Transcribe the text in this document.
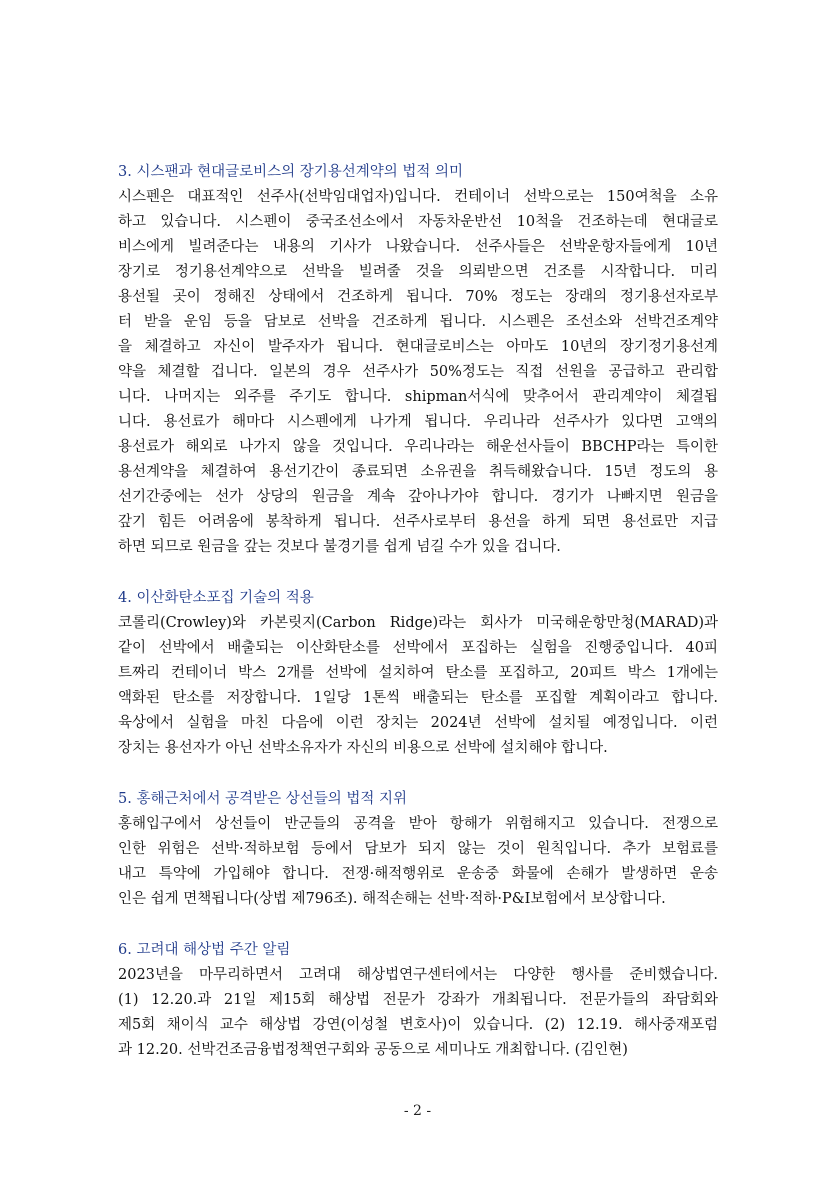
3. 시스팬과 현대글로비스의 장기용선계약의 법적 의미
시스펜은 대표적인 선주사(선박임대업자)입니다. 컨테이너 선박으로는 150여척을 소유
하고 있습니다. 시스펜이 중국조선소에서 자동차운반선 10척을 건조하는데 현대글로
비스에게 빌려준다는 내용의 기사가 나왔습니다. 선주사들은 선박운항자들에게 10년
장기로 정기용선계약으로 선박을 빌려줄 것을 의뢰받으면 건조를 시작합니다. 미리
용선될 곳이 정해진 상태에서 건조하게 됩니다. 70% 정도는 장래의 정기용선자로부
터 받을 운임 등을 담보로 선박을 건조하게 됩니다. 시스펜은 조선소와 선박건조계약
을 체결하고 자신이 발주자가 됩니다. 현대글로비스는 아마도 10년의 장기정기용선계
약을 체결할 겁니다. 일본의 경우 선주사가 50%정도는 직접 선원을 공급하고 관리합
니다. 나머지는 외주를 주기도 합니다. shipman서식에 맞추어서 관리계약이 체결됩
니다. 용선료가 해마다 시스펜에게 나가게 됩니다. 우리나라 선주사가 있다면 고액의
용선료가 해외로 나가지 않을 것입니다. 우리나라는 해운선사들이 BBCHP라는 특이한
용선계약을 체결하여 용선기간이 종료되면 소유권을 취득해왔습니다. 15년 정도의 용
선기간중에는 선가 상당의 원금을 계속 갚아나가야 합니다. 경기가 나빠지면 원금을
갚기 힘든 어려움에 봉착하게 됩니다. 선주사로부터 용선을 하게 되면 용선료만 지급
하면 되므로 원금을 갚는 것보다 불경기를 쉽게 넘길 수가 있을 겁니다.
4. 이산화탄소포집 기술의 적용
코롤리(Crowley)와 카본릿지(Carbon Ridge)라는 회사가 미국해운항만청(MARAD)과
같이 선박에서 배출되는 이산화탄소를 선박에서 포집하는 실험을 진행중입니다. 40피
트짜리 컨테이너 박스 2개를 선박에 설치하여 탄소를 포집하고, 20피트 박스 1개에는
액화된 탄소를 저장합니다. 1일당 1톤씩 배출되는 탄소를 포집할 계획이라고 합니다.
육상에서 실험을 마친 다음에 이런 장치는 2024년 선박에 설치될 예정입니다. 이런
장치는 용선자가 아닌 선박소유자가 자신의 비용으로 선박에 설치해야 합니다.
5. 홍해근처에서 공격받은 상선들의 법적 지위
홍해입구에서 상선들이 반군들의 공격을 받아 항해가 위험해지고 있습니다. 전쟁으로
인한 위험은 선박·적하보험 등에서 담보가 되지 않는 것이 원칙입니다. 추가 보험료를
내고 특약에 가입해야 합니다. 전쟁·해적행위로 운송중 화물에 손해가 발생하면 운송
인은 쉽게 면책됩니다(상법 제796조). 해적손해는 선박·적하·P&I보험에서 보상합니다.
6. 고려대 해상법 주간 알림
2023년을 마무리하면서 고려대 해상법연구센터에서는 다양한 행사를 준비했습니다.
(1) 12.20.과 21일 제15회 해상법 전문가 강좌가 개최됩니다. 전문가들의 좌담회와
제5회 채이식 교수 해상법 강연(이성철 변호사)이 있습니다. (2) 12.19. 해사중재포럼
과 12.20. 선박건조금융법정책연구회와 공동으로 세미나도 개최합니다. (김인현)
- 2 -
